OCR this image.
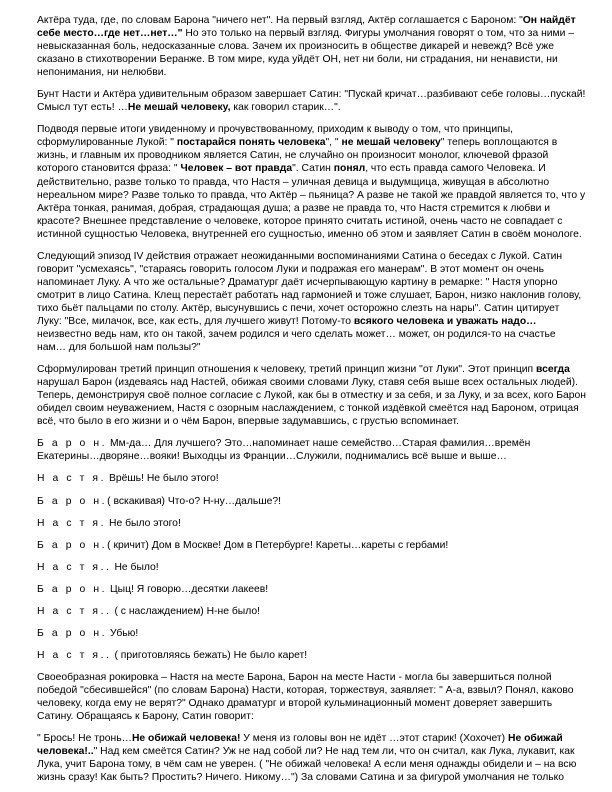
Актёра туда, где, по словам Барона "ничего нет". На первый взгляд, Актёр соглашается с Бароном: "Он найдёт себе место…где нет…нет…" Но это только на первый взгляд. Фигуры умолчания говорят о том, что за ними – невысказанная боль, недосказанные слова. Зачем их произносить в обществе дикарей и невежд? Всё уже сказано в стихотворении Беранже. В том мире, куда уйдёт ОН, нет ни боли, ни страдания, ни ненависти, ни непонимания, ни нелюбви.

Бунт Насти и Актёра удивительным образом завершает Сатин: "Пускай кричат…разбивают себе головы…пускай! Смысл тут есть! …Не мешай человеку, как говорил старик…".

Подводя первые итоги увиденному и прочувствованному, приходим к выводу о том, что принципы, сформулированные Лукой: " постарайся понять человека", " не мешай человеку" теперь воплощаются в жизнь, и главным их проводником является Сатин, не случайно он произносит монолог, ключевой фразой которого становится фраза: " Человек – вот правда". Сатин понял, что есть правда самого Человека. И действительно, разве только то правда, что Настя – уличная девица и выдумщица, живущая в абсолютно нереальном мире? Разве только то правда, что Актёр – пьяница? А разве не такой же правдой является то, что у Актёра тонкая, ранимая, добрая, страдающая душа; а разве не правда то, что Настя стремится к любви и красоте? Внешнее представление о человеке, которое принято считать истиной, очень часто не совпадает с истинной сущностью Человека, внутренней его сущностью, именно об этом и заявляет Сатин в своём монологе.

Следующий эпизод IV действия отражает неожиданными воспоминаниями Сатина о беседах с Лукой. Сатин говорит "усмехаясь", "стараясь говорить голосом Луки и подражая его манерам". В этот момент он очень напоминает Луку. А что же остальные? Драматург даёт исчерпывающую картину в ремарке: " Настя упорно смотрит в лицо Сатина. Клещ перестаёт работать над гармонией и тоже слушает, Барон, низко наклонив голову, тихо бьёт пальцами по столу. Актёр, высунувшись с печи, хочет осторожно слезть на нары". Сатин цитирует Луку: "Все, милачок, все, как есть, для лучшего живут! Потому-то всякого человека и уважать надо… неизвестно ведь нам, кто он такой, зачем родился и чего сделать может… может, он родился-то на счастье нам… для большой нам пользы?"

Сформулирован третий принцип отношения к человеку, третий принцип жизни "от Луки". Этот принцип всегда нарушал Барон (издеваясь над Настей, обижая своими словами Луку, ставя себя выше всех остальных людей). Теперь, демонстрируя своё полное согласие с Лукой, как бы в отместку и за себя, и за Луку, и за всех, кого Барон обидел своим неуважением, Настя с озорным наслаждением, с тонкой издёвкой смеётся над Бароном, отрицая всё, что было в его жизни и о чём Барон, впервые задумавшись, с грустью вспоминает.

Б а р о н. Мм-да… Для лучшего? Это…напоминает наше семейство…Старая фамилия…времён Екатерины…дворяне…вояки! Выходцы из Франции…Служили, поднимались всё выше и выше…

Н а с т я. Врёшь! Не было этого!

Б а р о н.( вскакивая) Что-о? Н-ну…дальше?!

Н а с т я. Не было этого!

Б а р о н.( кричит) Дом в Москве! Дом в Петербурге! Кареты…кареты с гербами!

Н а с т я.. Не было!

Б а р о н. Цыц! Я говорю…десятки лакеев!

Н а с т я.. ( с наслаждением) Н-не было!

Б а р о н. Убью!

Н а с т я.. ( приготовляясь бежать) Не было карет!

Своеобразная рокировка – Настя на месте Барона, Барон на месте Насти - могла бы завершиться полной победой "сбесившейся" (по словам Барона) Насти, которая, торжествуя, заявляет: " А-а, взвыл? Понял, каково человеку, когда ему не верят?" Однако драматург и второй кульминационный момент доверяет завершить Сатину. Обращаясь к Барону, Сатин говорит:

" Брось! Не тронь…Не обижай человека! У меня из головы вон не идёт …этот старик! (Хохочет) Не обижай человека!.." Над кем смеётся Сатин? Уж не над собой ли? Не над тем ли, что он считал, как Лука, лукавит, как Лука, учит Барона тому, в чём сам не уверен. ( "Не обижай человека! А если меня однажды обидели и – на всю жизнь сразу! Как быть? Простить? Ничего. Никому…") За словами Сатина и за фигурой умолчания не только
